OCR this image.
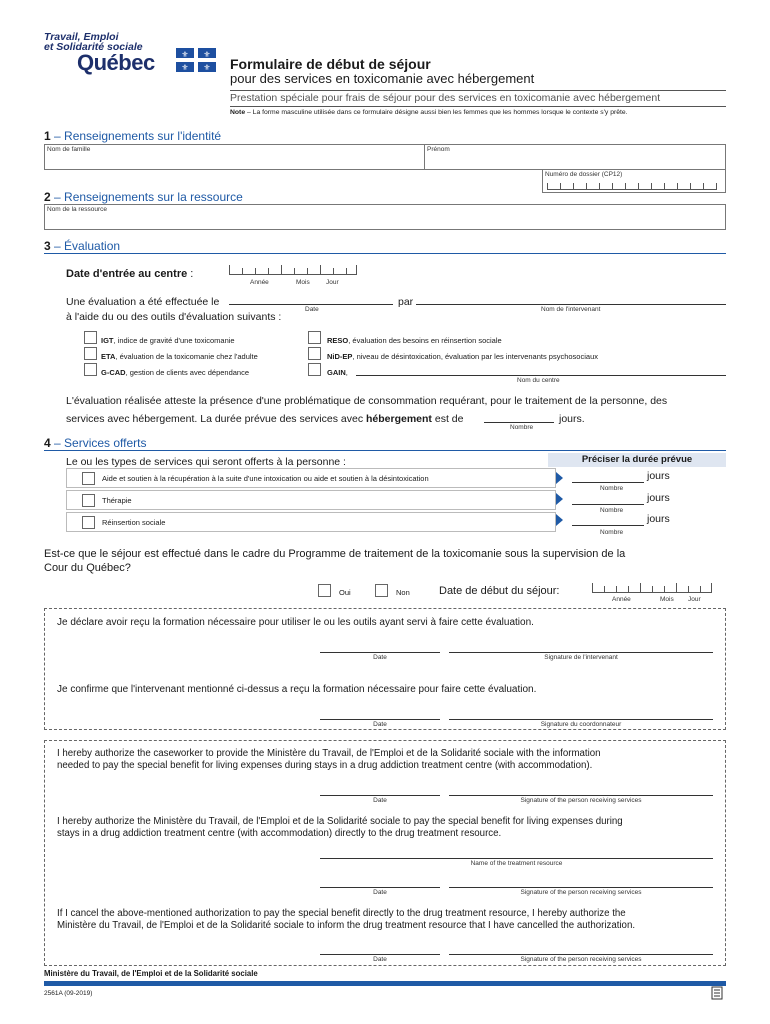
Travail, Emploi
et Solidarité sociale
Québec	⚜ ⚜
⚜ ⚜ Formulaire de début de séjour
pour des services en toxicomanie avec hébergement
Prestation spéciale pour frais de séjour pour des services en toxicomanie avec hébergement
Note – La forme masculine utilisée dans ce formulaire désigne aussi bien les femmes que les hommes lorsque le contexte s'y prête.
1 – Renseignements sur l'identité
Nom de famille	Prénom
Numéro de dossier (CP12)
2 – Renseignements sur la ressource
Nom de la ressource
3 – Évaluation
Date d'entrée au centre :
Année	Mois	Jour
Une évaluation a été effectuée le
Date
par
Nom de l'intervenant
à l'aide du ou des outils d'évaluation suivants :
IGT, indice de gravité d'une toxicomanie
ETA, évaluation de la toxicomanie chez l'adulte
G-CAD, gestion de clients avec dépendance
RESO, évaluation des besoins en réinsertion sociale
NiD-EP, niveau de désintoxication, évaluation par les intervenants psychosociaux
GAIN,
Nom du centre
L'évaluation réalisée atteste la présence d'une problématique de consommation requérant, pour le traitement de la personne, des
services avec hébergement. La durée prévue des services avec hébergement est de	jours.
Nombre
4 – Services offerts
Le ou les types de services qui seront offerts à la personne :	Préciser la durée prévue
Aide et soutien à la récupération à la suite d'une intoxication ou aide et soutien à la désintoxication	jours
Nombre
Thérapie	jours
Nombre
Réinsertion sociale	jours
Nombre
Est-ce que le séjour est effectué dans le cadre du Programme de traitement de la toxicomanie sous la supervision de la
Cour du Québec?
Oui	Non	Date de début du séjour:
Année	Mois Jour
Je déclare avoir reçu la formation nécessaire pour utiliser le ou les outils ayant servi à faire cette évaluation.
Date	Signature de l'intervenant
Je confirme que l'intervenant mentionné ci-dessus a reçu la formation nécessaire pour faire cette évaluation.
Date	Signature du coordonnateur
I hereby authorize the caseworker to provide the Ministère du Travail, de l'Emploi et de la Solidarité sociale with the information
needed to pay the special benefit for living expenses during stays in a drug addiction treatment centre (with accommodation).
Date	Signature of the person receiving services
I hereby authorize the Ministère du Travail, de l'Emploi et de la Solidarité sociale to pay the special benefit for living expenses during
stays in a drug addiction treatment centre (with accommodation) directly to the drug treatment resource.
Name of the treatment resource
Date	Signature of the person receiving services
If I cancel the above-mentioned authorization to pay the special benefit directly to the drug treatment resource, I hereby authorize the
Ministère du Travail, de l'Emploi et de la Solidarité sociale to inform the drug treatment resource that I have cancelled the authorization.
Date	Signature of the person receiving services
Ministère du Travail, de l'Emploi et de la Solidarité sociale
2561A (09-2019)
